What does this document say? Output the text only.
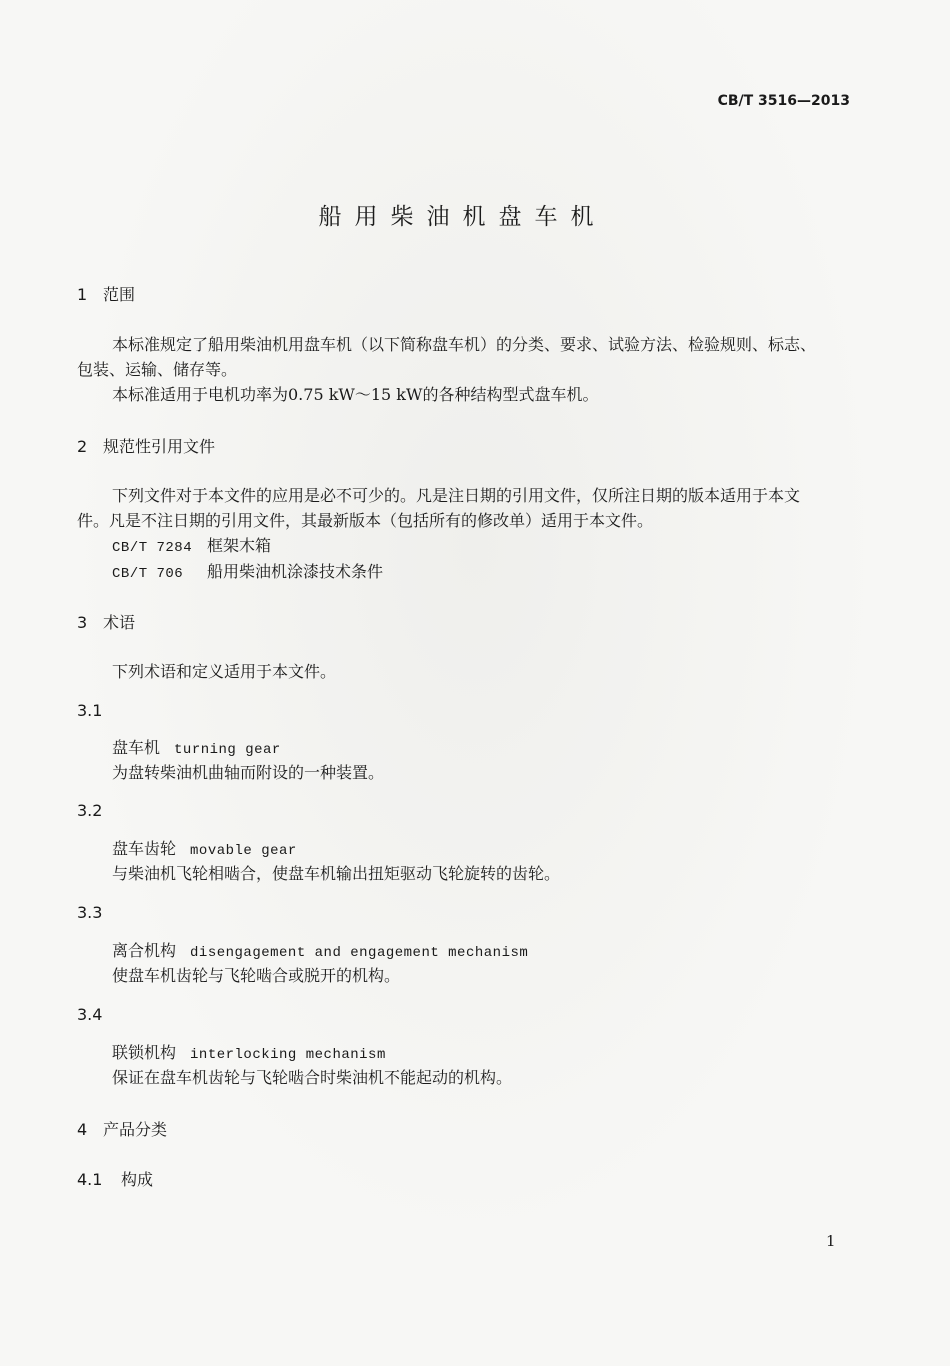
CB/T 3516—2013
船用柴油机盘车机
1 范围
本标准规定了船用柴油机用盘车机（以下简称盘车机）的分类、要求、试验方法、检验规则、标志、
包装、运输、储存等。
本标准适用于电机功率为0.75 kW～15 kW的各种结构型式盘车机。
2 规范性引用文件
下列文件对于本文件的应用是必不可少的。凡是注日期的引用文件，仅所注日期的版本适用于本文
件。凡是不注日期的引用文件，其最新版本（包括所有的修改单）适用于本文件。
CB/T 7284 框架木箱
CB/T 706 船用柴油机涂漆技术条件
3 术语
下列术语和定义适用于本文件。
3.1
盘车机 turning gear
为盘转柴油机曲轴而附设的一种装置。
3.2
盘车齿轮 movable gear
与柴油机飞轮相啮合，使盘车机输出扭矩驱动飞轮旋转的齿轮。
3.3
离合机构 disengagement and engagement mechanism
使盘车机齿轮与飞轮啮合或脱开的机构。
3.4
联锁机构 interlocking mechanism
保证在盘车机齿轮与飞轮啮合时柴油机不能起动的机构。
4 产品分类
4.1 构成
1
